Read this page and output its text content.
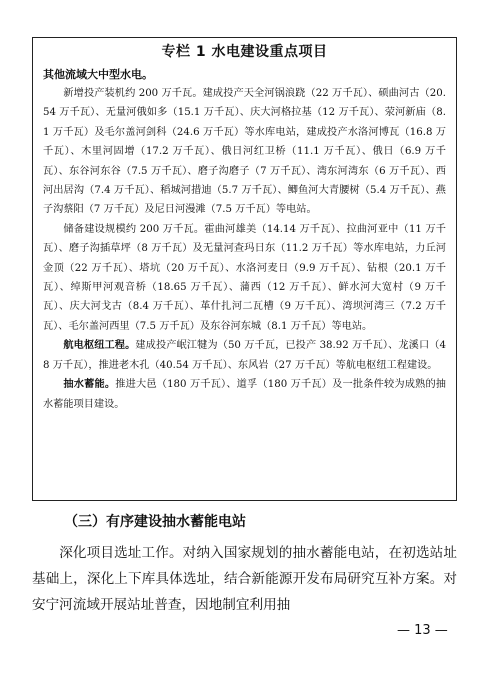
专栏 1 水电建设重点项目

其他流域大中型水电。

新增投产装机约 200 万千瓦。建成投产天全河锅浪跷（22 万千瓦）、硕曲河古（20.54 万千瓦）、无量河俄如多（15.1 万千瓦）、庆大河格拉基（12 万千瓦）、荥河新庙（8.1 万千瓦）及毛尔盖河剑科（24.6 万千瓦）等水库电站，建成投产水洛河博瓦（16.8 万千瓦）、木里河固增（17.2 万千瓦）、俄日河红卫桥（11.1 万千瓦）、俄日（6.9 万千瓦）、东谷河东谷（7.5 万千瓦）、磨子沟磨子（7 万千瓦）、湾东河湾东（6 万千瓦）、西河出居沟（7.4 万千瓦）、稻城河措迪（5.7 万千瓦）、鲫鱼河大青腰树（5.4 万千瓦）、燕子沟蔡阳（7 万千瓦）及尼日河漫滩（7.5 万千瓦）等电站。

储备建设规模约 200 万千瓦。霍曲河雄美（14.14 万千瓦）、拉曲河亚中（11 万千瓦）、磨子沟插草坪（8 万千瓦）及无量河查玛日东（11.2 万千瓦）等水库电站，力丘河金顶（22 万千瓦）、塔坑（20 万千瓦）、水洛河麦日（9.9 万千瓦）、钻根（20.1 万千瓦）、绰斯甲河观音桥（18.65 万千瓦）、蒲西（12 万千瓦）、鲜水河大宽村（9 万千瓦）、庆大河戈古（8.4 万千瓦）、革什扎河二瓦槽（9 万千瓦）、湾坝河湾三（7.2 万千瓦）、毛尔盖河西里（7.5 万千瓦）及东谷河东城（8.1 万千瓦）等电站。

航电枢纽工程。建成投产岷江犍为（50 万千瓦，已投产 38.92 万千瓦）、龙溪口（48 万千瓦），推进老木孔（40.54 万千瓦）、东风岩（27 万千瓦）等航电枢纽工程建设。

抽水蓄能。推进大邑（180 万千瓦）、道孚（180 万千瓦）及一批条件较为成熟的抽水蓄能项目建设。

（三）有序建设抽水蓄能电站

深化项目选址工作。对纳入国家规划的抽水蓄能电站，在初选站址基础上，深化上下库具体选址，结合新能源开发布局研究互补方案。对安宁河流域开展站址普查，因地制宜利用抽

— 13 —
